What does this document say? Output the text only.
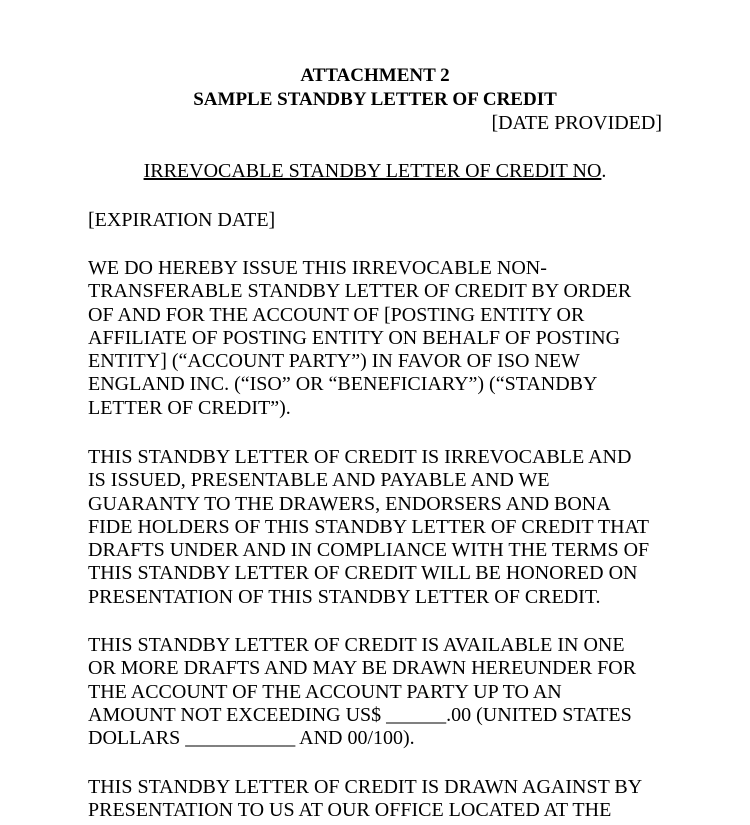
ATTACHMENT 2
SAMPLE STANDBY LETTER OF CREDIT
[DATE PROVIDED]
IRREVOCABLE STANDBY LETTER OF CREDIT NO.
[EXPIRATION DATE]
WE DO HEREBY ISSUE THIS IRREVOCABLE NON-
TRANSFERABLE STANDBY LETTER OF CREDIT BY ORDER
OF AND FOR THE ACCOUNT OF [POSTING ENTITY OR
AFFILIATE OF POSTING ENTITY ON BEHALF OF POSTING
ENTITY] (“ACCOUNT PARTY”) IN FAVOR OF ISO NEW
ENGLAND INC. (“ISO” OR “BENEFICIARY”) (“STANDBY
LETTER OF CREDIT”).
THIS STANDBY LETTER OF CREDIT IS IRREVOCABLE AND
IS ISSUED, PRESENTABLE AND PAYABLE AND WE
GUARANTY TO THE DRAWERS, ENDORSERS AND BONA
FIDE HOLDERS OF THIS STANDBY LETTER OF CREDIT THAT
DRAFTS UNDER AND IN COMPLIANCE WITH THE TERMS OF
THIS STANDBY LETTER OF CREDIT WILL BE HONORED ON
PRESENTATION OF THIS STANDBY LETTER OF CREDIT.
THIS STANDBY LETTER OF CREDIT IS AVAILABLE IN ONE
OR MORE DRAFTS AND MAY BE DRAWN HEREUNDER FOR
THE ACCOUNT OF THE ACCOUNT PARTY UP TO AN
AMOUNT NOT EXCEEDING US$ ______.00 (UNITED STATES
DOLLARS ___________ AND 00/100).
THIS STANDBY LETTER OF CREDIT IS DRAWN AGAINST BY
PRESENTATION TO US AT OUR OFFICE LOCATED AT THE
